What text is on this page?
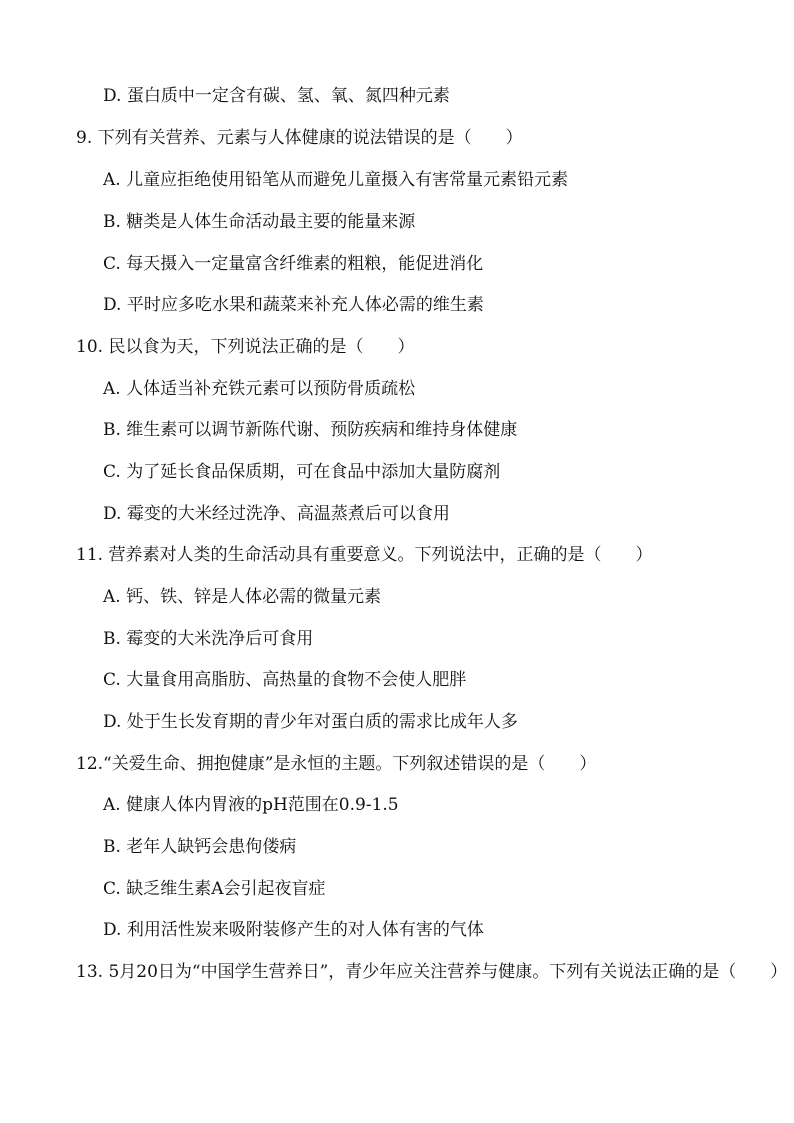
D. 蛋白质中一定含有碳、氢、氧、氮四种元素
9. 下列有关营养、元素与人体健康的说法错误的是（　　）
A. 儿童应拒绝使用铅笔从而避免儿童摄入有害常量元素铅元素
B. 糖类是人体生命活动最主要的能量来源
C. 每天摄入一定量富含纤维素的粗粮，能促进消化
D. 平时应多吃水果和蔬菜来补充人体必需的维生素
10. 民以食为天，下列说法正确的是（　　）
A. 人体适当补充铁元素可以预防骨质疏松
B. 维生素可以调节新陈代谢、预防疾病和维持身体健康
C. 为了延长食品保质期，可在食品中添加大量防腐剂
D. 霉变的大米经过洗净、高温蒸煮后可以食用
11. 营养素对人类的生命活动具有重要意义。下列说法中，正确的是（　　）
A. 钙、铁、锌是人体必需的微量元素
B. 霉变的大米洗净后可食用
C. 大量食用高脂肪、高热量的食物不会使人肥胖
D. 处于生长发育期的青少年对蛋白质的需求比成年人多
12.“关爱生命、拥抱健康”是永恒的主题。下列叙述错误的是（　　）
A. 健康人体内胃液的pH范围在0.9-1.5
B. 老年人缺钙会患佝偻病
C. 缺乏维生素A会引起夜盲症
D. 利用活性炭来吸附装修产生的对人体有害的气体
13. 5月20日为“中国学生营养日”，青少年应关注营养与健康。下列有关说法正确的是（　　）
